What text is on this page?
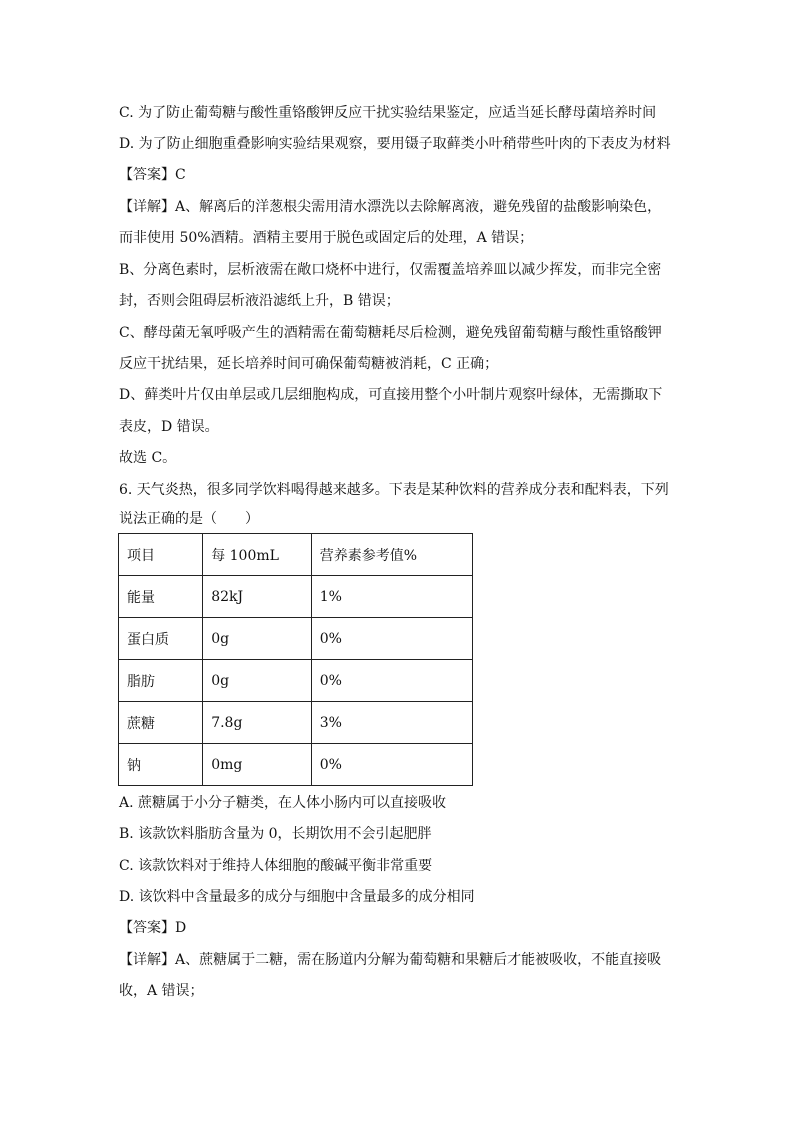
C. 为了防止葡萄糖与酸性重铬酸钾反应干扰实验结果鉴定，应适当延长酵母菌培养时间
D. 为了防止细胞重叠影响实验结果观察，要用镊子取藓类小叶稍带些叶肉的下表皮为材料
【答案】C
【详解】A、解离后的洋葱根尖需用清水漂洗以去除解离液，避免残留的盐酸影响染色，
而非使用 50%酒精。酒精主要用于脱色或固定后的处理，A 错误；
B、分离色素时，层析液需在敞口烧杯中进行，仅需覆盖培养皿以减少挥发，而非完全密
封，否则会阻碍层析液沿滤纸上升，B 错误；
C、酵母菌无氧呼吸产生的酒精需在葡萄糖耗尽后检测，避免残留葡萄糖与酸性重铬酸钾
反应干扰结果，延长培养时间可确保葡萄糖被消耗，C 正确；
D、藓类叶片仅由单层或几层细胞构成，可直接用整个小叶制片观察叶绿体，无需撕取下
表皮，D 错误。
故选 C。
6. 天气炎热，很多同学饮料喝得越来越多。下表是某种饮料的营养成分表和配料表，下列
说法正确的是（　　）
项目	每 100mL	营养素参考值%
能量	82kJ	1%
蛋白质	0g	0%
脂肪	0g	0%
蔗糖	7.8g	3%
钠	0mg	0%
A. 蔗糖属于小分子糖类，在人体小肠内可以直接吸收
B. 该款饮料脂肪含量为 0，长期饮用不会引起肥胖
C. 该款饮料对于维持人体细胞的酸碱平衡非常重要
D. 该饮料中含量最多的成分与细胞中含量最多的成分相同
【答案】D
【详解】A、蔗糖属于二糖，需在肠道内分解为葡萄糖和果糖后才能被吸收，不能直接吸
收，A 错误；
